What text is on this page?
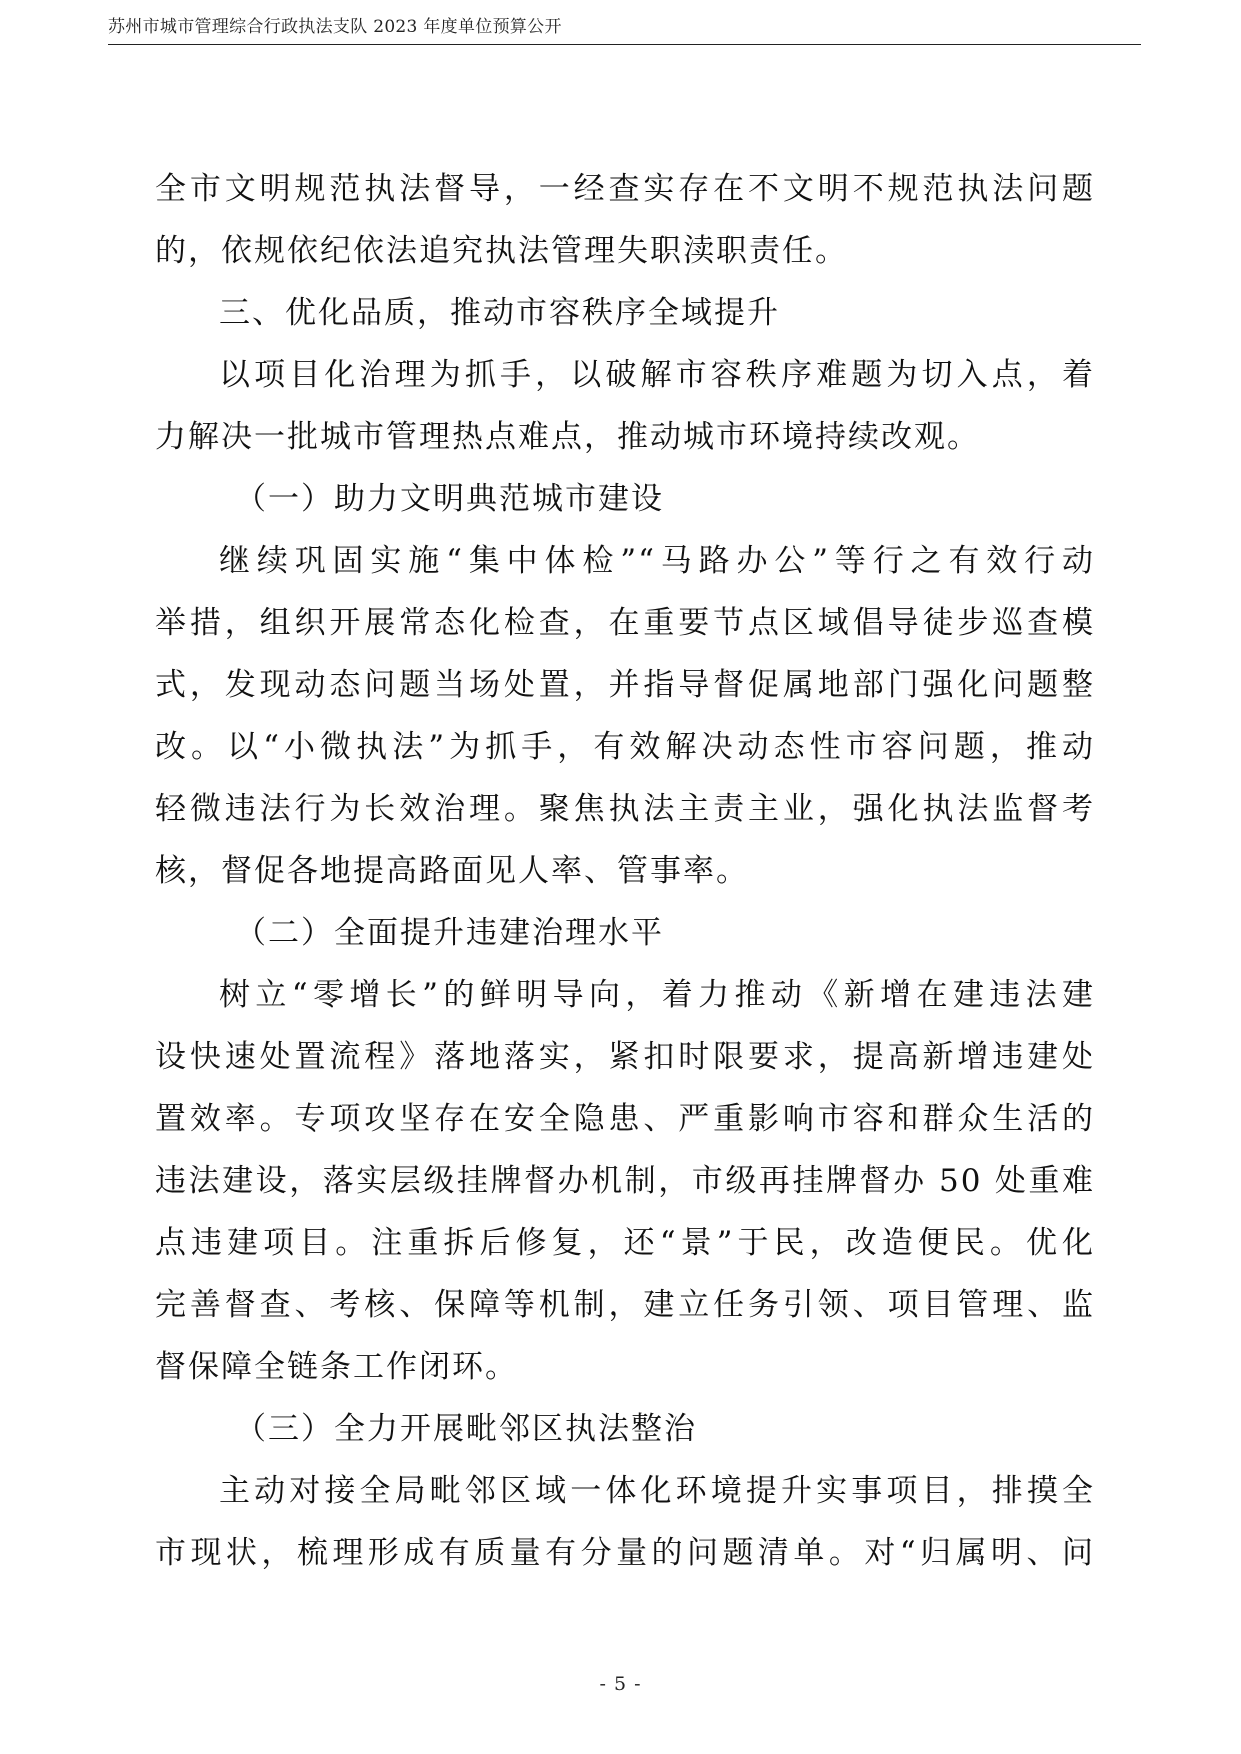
苏州市城市管理综合行政执法支队 2023 年度单位预算公开
全市文明规范执法督导，一经查实存在不文明不规范执法问题
的，依规依纪依法追究执法管理失职渎职责任。
三、优化品质，推动市容秩序全域提升
以项目化治理为抓手，以破解市容秩序难题为切入点，着
力解决一批城市管理热点难点，推动城市环境持续改观。
（一）助力文明典范城市建设
继续巩固实施“集中体检”“马路办公”等行之有效行动
举措，组织开展常态化检查，在重要节点区域倡导徒步巡查模
式，发现动态问题当场处置，并指导督促属地部门强化问题整
改。以“小微执法”为抓手，有效解决动态性市容问题，推动
轻微违法行为长效治理。聚焦执法主责主业，强化执法监督考
核，督促各地提高路面见人率、管事率。
（二）全面提升违建治理水平
树立“零增长”的鲜明导向，着力推动《新增在建违法建
设快速处置流程》落地落实，紧扣时限要求，提高新增违建处
置效率。专项攻坚存在安全隐患、严重影响市容和群众生活的
违法建设，落实层级挂牌督办机制，市级再挂牌督办 50 处重难
点违建项目。注重拆后修复，还“景”于民，改造便民。优化
完善督查、考核、保障等机制，建立任务引领、项目管理、监
督保障全链条工作闭环。
（三）全力开展毗邻区执法整治
主动对接全局毗邻区域一体化环境提升实事项目，排摸全
市现状，梳理形成有质量有分量的问题清单。对“归属明、问
- 5 -
